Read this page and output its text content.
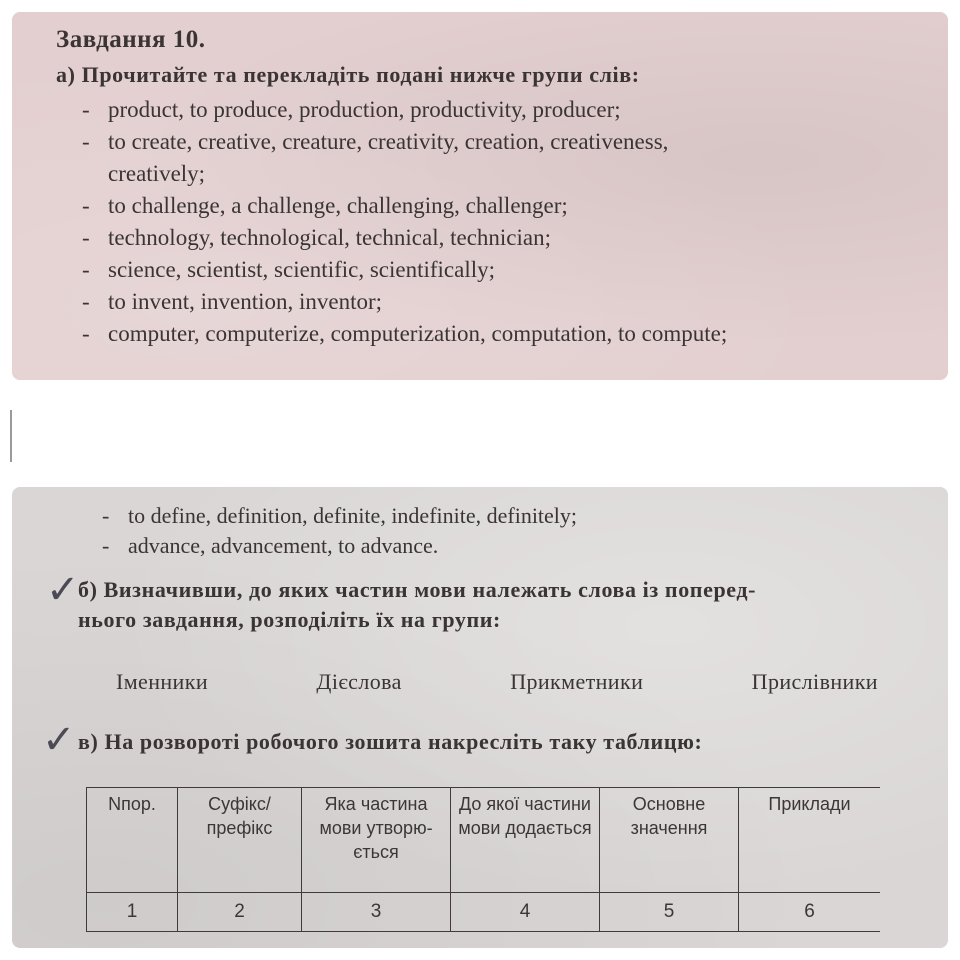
Завдання 10.
а) Прочитайте та перекладіть подані нижче групи слів:
- product, to produce, production, productivity, producer;
- to create, creative, creature, creativity, creation, creativeness,
creatively;
- to challenge, a challenge, challenging, challenger;
- technology, technological, technical, technician;
- science, scientist, scientific, scientifically;
- to invent, invention, inventor;
- computer, computerize, computerization, computation, to compute;
- to define, definition, definite, indefinite, definitely;
- advance, advancement, to advance.
✓
б) Визначивши, до яких частин мови належать слова із поперед-
нього завдання, розподіліть їх на групи:
Іменники	Дієслова	Прикметники	Прислівники
✓ в) На розвороті робочого зошита накресліть таку таблицю:
Nпор.	Суфікс/ префікс	Яка частина мови утворю- ється	До якої частини мови додається	Основне значення	Приклади
1	2	3	4	5	6
